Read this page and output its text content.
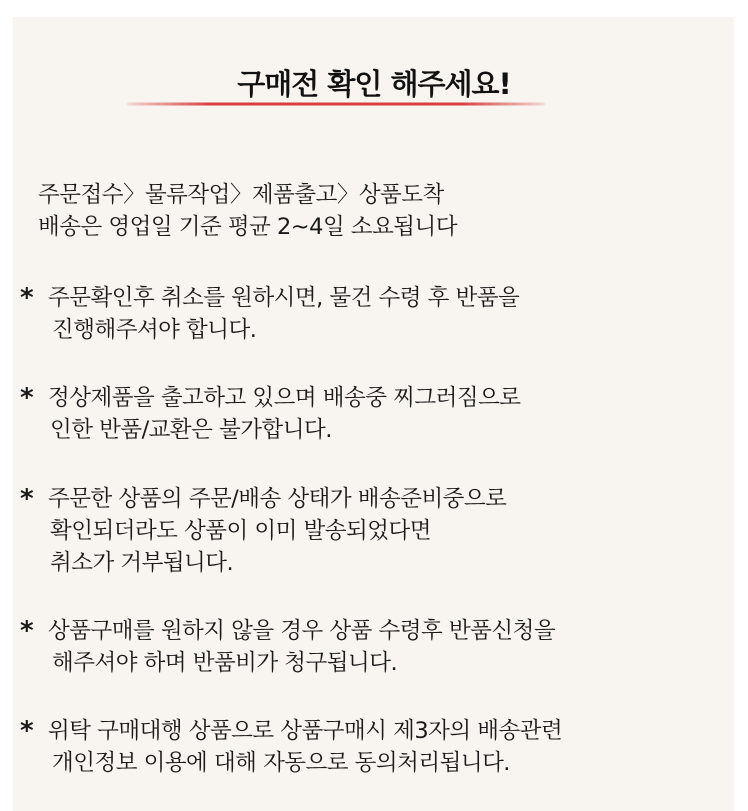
구매전 확인 해주세요!
주문접수〉물류작업〉제품출고〉상품도착
배송은 영업일 기준 평균 2~4일 소요됩니다
* 주문확인후 취소를 원하시면, 물건 수령 후 반품을
진행해주셔야 합니다.
* 정상제품을 출고하고 있으며 배송중 찌그러짐으로
인한 반품/교환은 불가합니다.
* 주문한 상품의 주문/배송 상태가 배송준비중으로
확인되더라도 상품이 이미 발송되었다면
취소가 거부됩니다.
* 상품구매를 원하지 않을 경우 상품 수령후 반품신청을
해주셔야 하며 반품비가 청구됩니다.
* 위탁 구매대행 상품으로 상품구매시 제3자의 배송관련
개인정보 이용에 대해 자동으로 동의처리됩니다.
